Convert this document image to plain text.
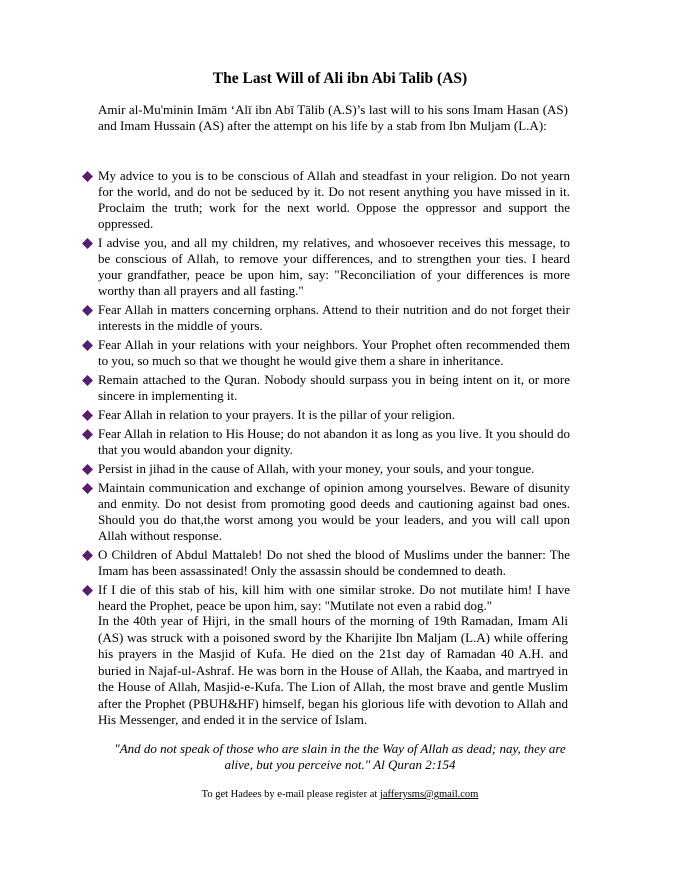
The Last Will of Ali ibn Abi Talib (AS)
Amir al-Mu'minin Imām ‘Alī ibn Abī Tālib (A.S)’s last will to his sons Imam Hasan (AS) and Imam Hussain (AS) after the attempt on his life by a stab from Ibn Muljam (L.A):
My advice to you is to be conscious of Allah and steadfast in your religion. Do not yearn for the world, and do not be seduced by it. Do not resent anything you have missed in it. Proclaim the truth; work for the next world. Oppose the oppressor and support the oppressed.
I advise you, and all my children, my relatives, and whosoever receives this message, to be conscious of Allah, to remove your differences, and to strengthen your ties. I heard your grandfather, peace be upon him, say: "Reconciliation of your differences is more worthy than all prayers and all fasting."
Fear Allah in matters concerning orphans. Attend to their nutrition and do not forget their interests in the middle of yours.
Fear Allah in your relations with your neighbors. Your Prophet often recommended them to you, so much so that we thought he would give them a share in inheritance.
Remain attached to the Quran. Nobody should surpass you in being intent on it, or more sincere in implementing it.
Fear Allah in relation to your prayers. It is the pillar of your religion.
Fear Allah in relation to His House; do not abandon it as long as you live. It you should do that you would abandon your dignity.
Persist in jihad in the cause of Allah, with your money, your souls, and your tongue.
Maintain communication and exchange of opinion among yourselves. Beware of disunity and enmity. Do not desist from promoting good deeds and cautioning against bad ones. Should you do that,the worst among you would be your leaders, and you will call upon Allah without response.
O Children of Abdul Mattaleb! Do not shed the blood of Muslims under the banner: The Imam has been assassinated! Only the assassin should be condemned to death.
If I die of this stab of his, kill him with one similar stroke. Do not mutilate him! I have heard the Prophet, peace be upon him, say: "Mutilate not even a rabid dog."
In the 40th year of Hijri, in the small hours of the morning of 19th Ramadan, Imam Ali (AS) was struck with a poisoned sword by the Kharijite Ibn Maljam (L.A) while offering his prayers in the Masjid of Kufa. He died on the 21st day of Ramadan 40 A.H. and buried in Najaf-ul-Ashraf. He was born in the House of Allah, the Kaaba, and martryed in the House of Allah, Masjid-e-Kufa. The Lion of Allah, the most brave and gentle Muslim after the Prophet (PBUH&HF) himself, began his glorious life with devotion to Allah and His Messenger, and ended it in the service of Islam.
"And do not speak of those who are slain in the the Way of Allah as dead; nay, they are alive, but you perceive not." Al Quran 2:154
To get Hadees by e-mail please register at jafferysms@gmail.com
